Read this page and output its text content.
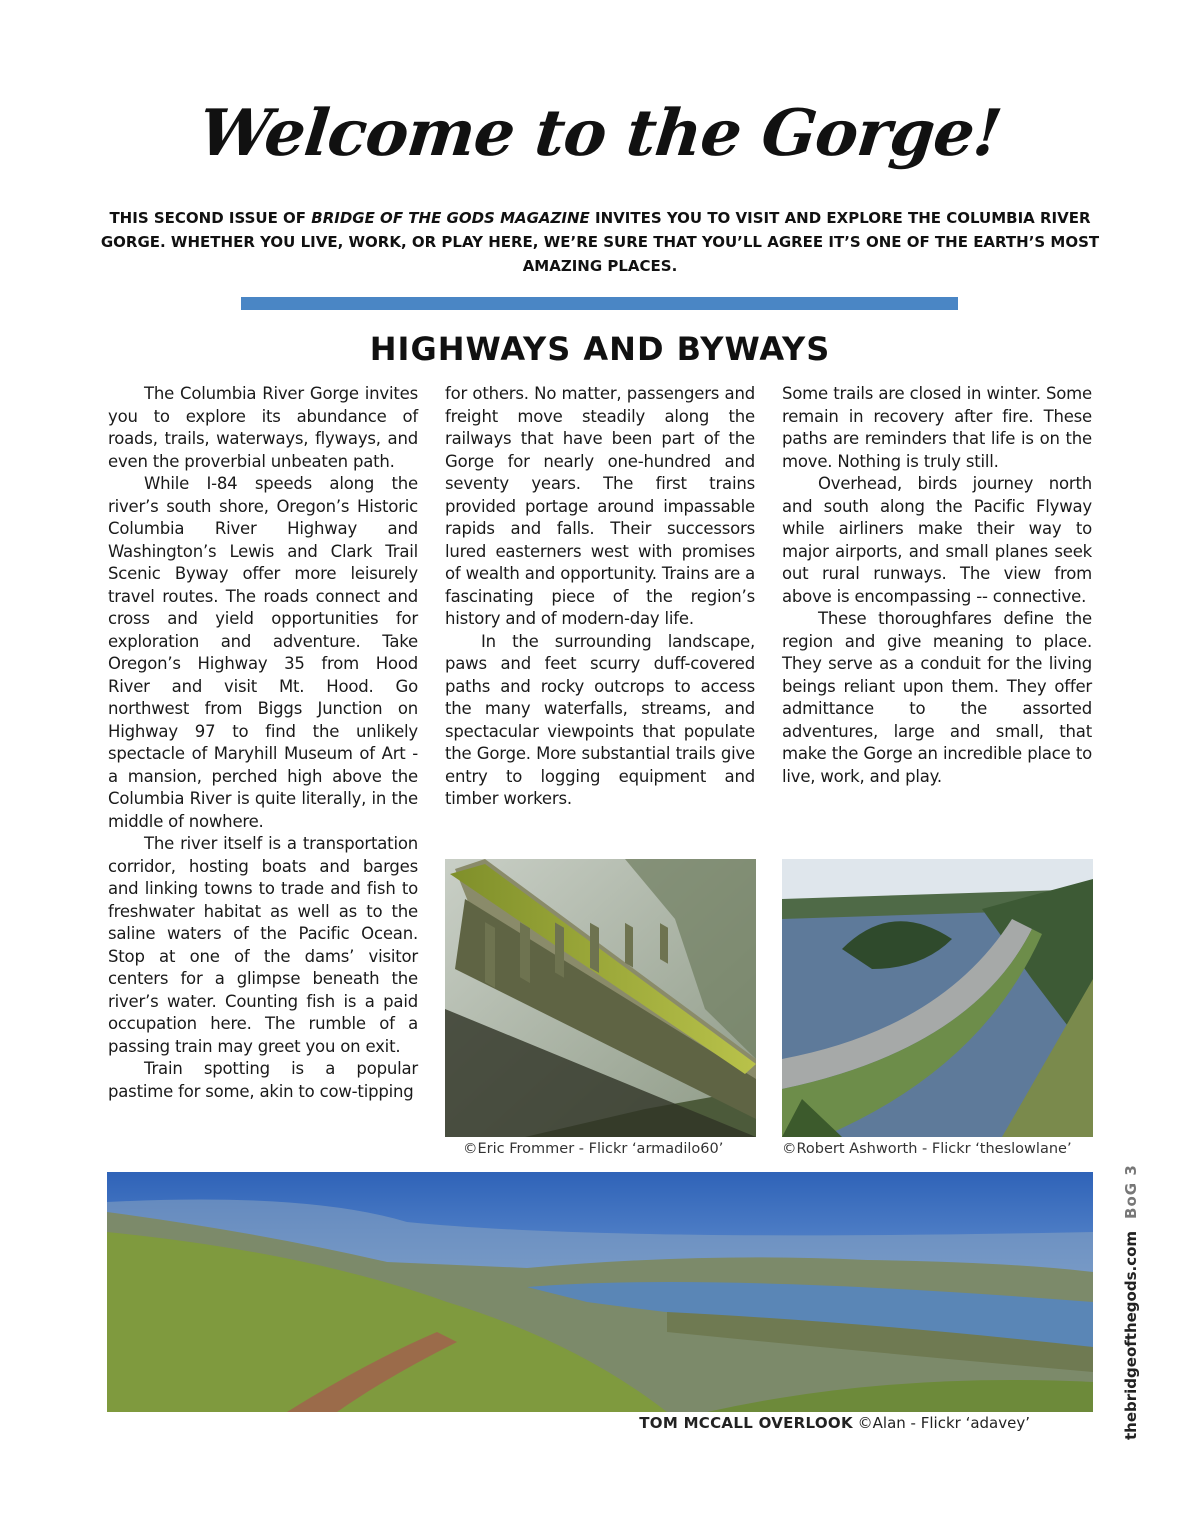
Welcome to the Gorge!
THIS SECOND ISSUE OF BRIDGE OF THE GODS MAGAZINE INVITES YOU TO VISIT AND EXPLORE THE COLUMBIA RIVER GORGE. WHETHER YOU LIVE, WORK, OR PLAY HERE, WE’RE SURE THAT YOU’LL AGREE IT’S ONE OF THE EARTH’S MOST AMAZING PLACES.
HIGHWAYS AND BYWAYS

The Columbia River Gorge invites you to explore its abundance of roads, trails, waterways, flyways, and even the proverbial unbeaten path.

While I-84 speeds along the river’s south shore, Oregon’s Historic Columbia River Highway and Washington’s Lewis and Clark Trail Scenic Byway offer more leisurely travel routes. The roads connect and cross and yield opportunities for exploration and adventure. Take Oregon’s Highway 35 from Hood River and visit Mt. Hood. Go northwest from Biggs Junction on Highway 97 to find the unlikely spectacle of Maryhill Museum of Art - a mansion, perched high above the Columbia River is quite literally, in the middle of nowhere.

The river itself is a transportation corridor, hosting boats and barges and linking towns to trade and fish to freshwater habitat as well as to the saline waters of the Pacific Ocean. Stop at one of the dams’ visitor centers for a glimpse beneath the river’s water. Counting fish is a paid occupation here. The rumble of a passing train may greet you on exit.

Train spotting is a popular pastime for some, akin to cow-tipping

for others. No matter, passengers and freight move steadily along the railways that have been part of the Gorge for nearly one-hundred and seventy years. The first trains provided portage around impassable rapids and falls. Their successors lured easterners west with promises of wealth and opportunity. Trains are a fascinating piece of the region’s history and of modern-day life.

In the surrounding landscape, paws and feet scurry duff-covered paths and rocky outcrops to access the many waterfalls, streams, and spectacular viewpoints that populate the Gorge. More substantial trails give entry to logging equipment and timber workers.

Some trails are closed in winter. Some remain in recovery after fire. These paths are reminders that life is on the move. Nothing is truly still.

Overhead, birds journey north and south along the Pacific Flyway while airliners make their way to major airports, and small planes seek out rural runways. The view from above is encompassing -- connective.

These thoroughfares define the region and give meaning to place. They serve as a conduit for the living beings reliant upon them. They offer admittance to the assorted adventures, large and small, that make the Gorge an incredible place to live, work, and play.

©Eric Frommer - Flickr ‘armadilo60’	©Robert Ashworth - Flickr ‘theslowlane’
TOM MCCALL OVERLOOK ©Alan - Flickr ‘adavey’	thebridgeofthegods.comBoG 3
